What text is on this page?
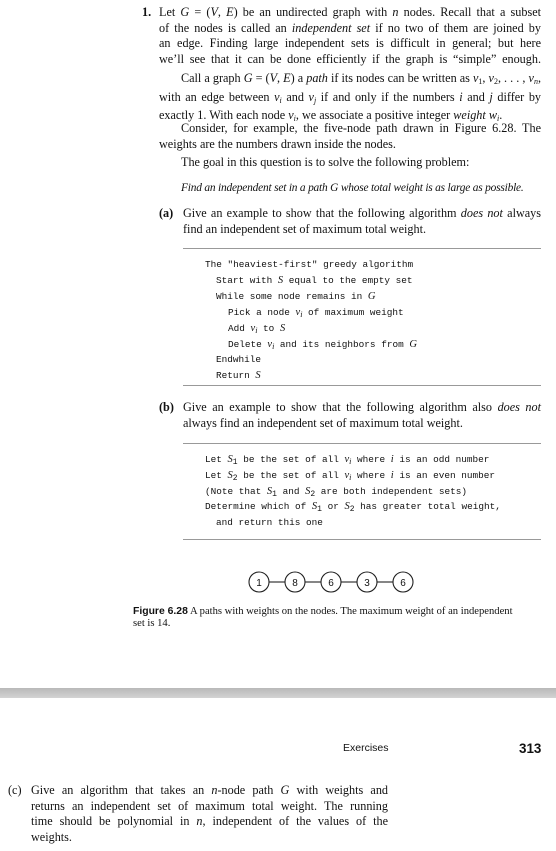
1. Let G = (V, E) be an undirected graph with n nodes. Recall that a subset
of the nodes is called an independent set if no two of them are joined by
an edge. Finding large independent sets is difficult in general; but here
we’ll see that it can be done efficiently if the graph is “simple” enough.
Call a graph G = (V, E) a path if its nodes can be written as $v_1$, $v_2$, . . . , $v_n$,
with an edge between $v_i$ and $v_j$ if and only if the numbers i and j differ by
exactly 1. With each node $v_i$, we associate a positive integer weight $w_i$.
Consider, for example, the five-node path drawn in Figure 6.28. The
weights are the numbers drawn inside the nodes.
The goal in this question is to solve the following problem:
Find an independent set in a path G whose total weight is as large as possible.
(a) Give an example to show that the following algorithm does not always
find an independent set of maximum total weight.
The "heaviest-first" greedy algorithm
Start with S equal to the empty set
While some node remains in G
Pick a node $v_i$ of maximum weight
Add $v_i$ to S
Delete $v_i$ and its neighbors from G
Endwhile
Return S
(b) Give an example to show that the following algorithm also does not
always find an independent set of maximum total weight.
Let S1 be the set of all $v_i$ where i is an odd number
Let S2 be the set of all $v_i$ where i is an even number
(Note that S1 and S2 are both independent sets)
Determine which of S1 or S2 has greater total weight,
and return this one
1	8	6	3	6
Figure 6.28 A paths with weights on the nodes. The maximum weight of an independent
set is 14.
Exercises	313
(c) Give an algorithm that takes an n-node path G with weights and
returns an independent set of maximum total weight. The running
time should be polynomial in n, independent of the values of the
weights.
